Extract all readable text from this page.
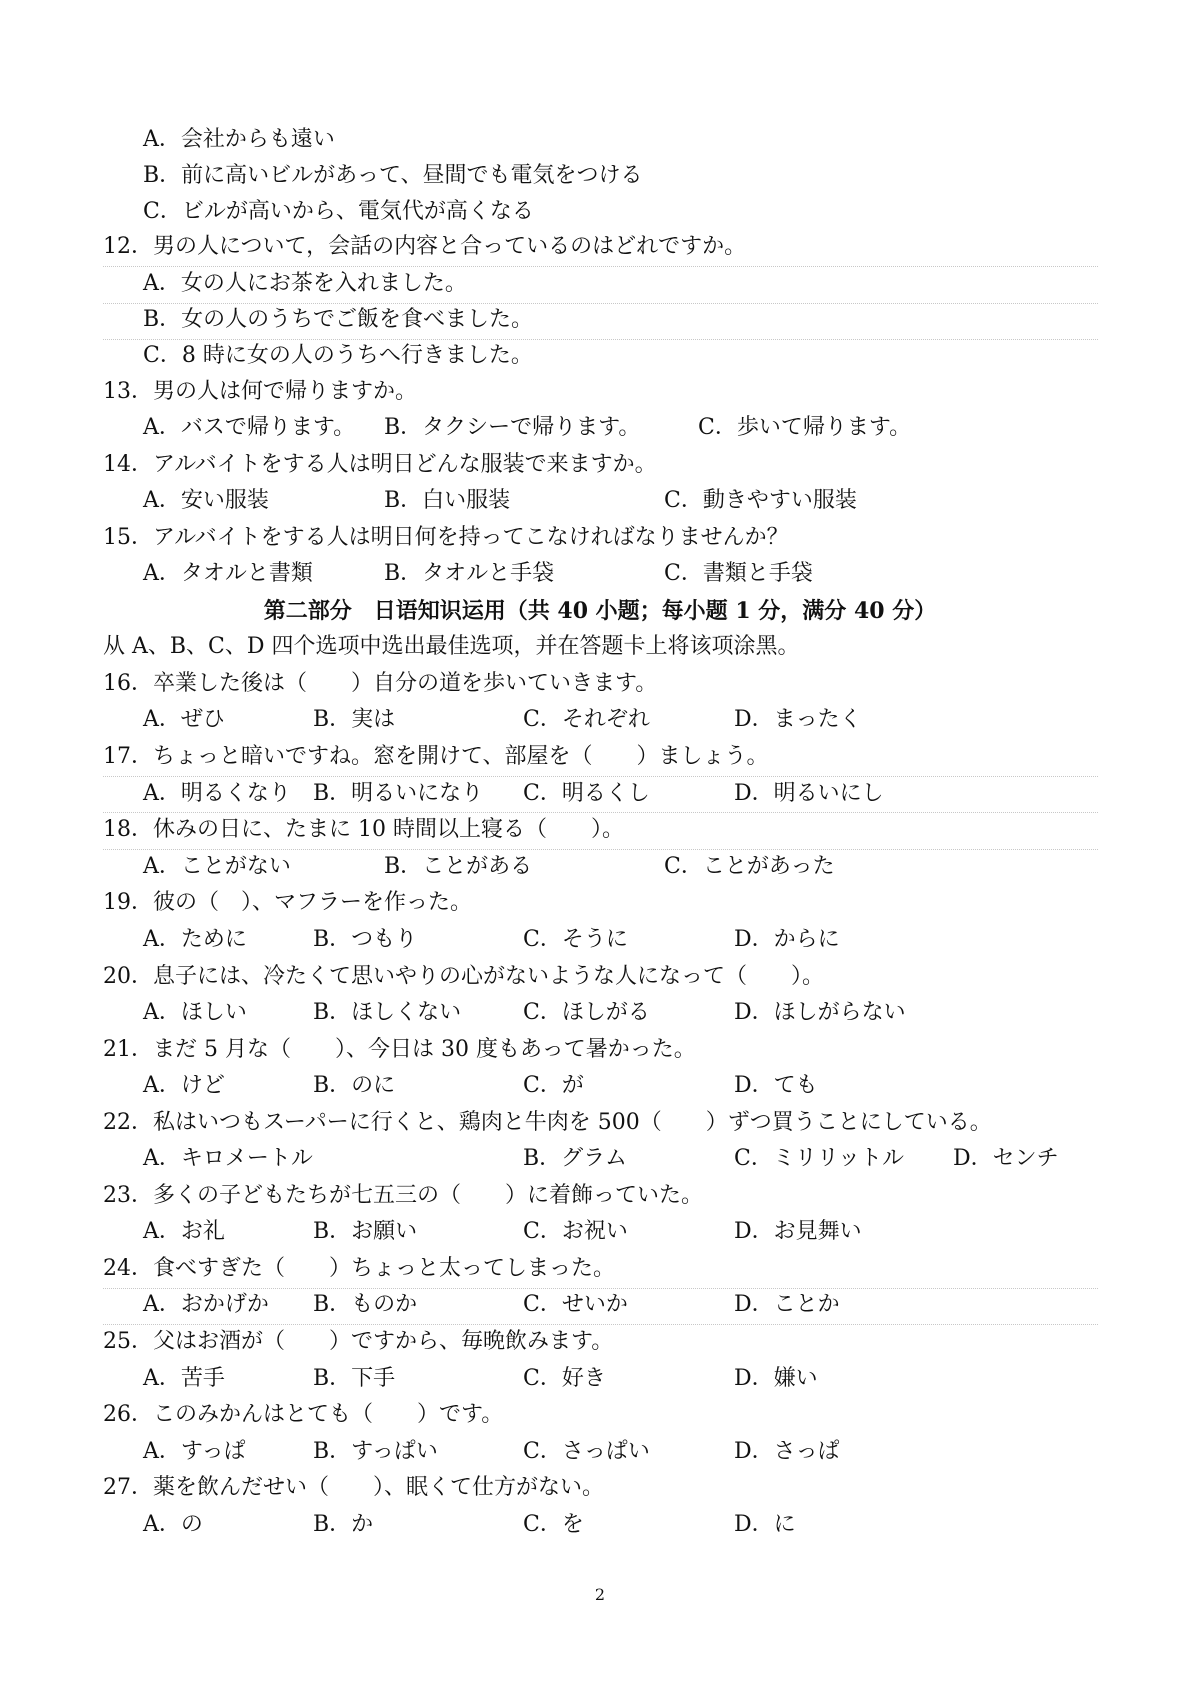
A．会社からも遠い
B．前に高いビルがあって、昼間でも電気をつける
C．ビルが高いから、電気代が高くなる
12．男の人について，会話の内容と合っているのはどれですか。
A．女の人にお茶を入れました。
B．女の人のうちでご飯を食べました。
C．8 時に女の人のうちへ行きました。
13．男の人は何で帰りますか。
A．バスで帰ります。 B．タクシーで帰ります。	C．歩いて帰ります。
14．アルバイトをする人は明日どんな服装で来ますか。
A．安い服装	B．白い服装	C．動きやすい服装
15．アルバイトをする人は明日何を持ってこなければなりませんか？
A．タオルと書類	B．タオルと手袋	C．書類と手袋
第二部分　日语知识运用（共 40 小题；每小题 1 分，满分 40 分）
从 A、B、C、D 四个选项中选出最佳选项，并在答题卡上将该项涂黑。
16．卒業した後は（　　）自分の道を歩いていきます。
A．ぜひ	B．実は	C．それぞれ	D．まったく
17．ちょっと暗いですね。窓を開けて、部屋を（　　）ましょう。
A．明るくなり B．明るいになり C．明るくし	D．明るいにし
18．休みの日に、たまに 10 時間以上寝る（　　）。
A．ことがない	B．ことがある	C．ことがあった
19．彼の（　）、マフラーを作った。
A．ために	B．つもり	C．そうに	D．からに
20．息子には、冷たくて思いやりの心がないような人になって（　　）。
A．ほしい	B．ほしくない	C．ほしがる	D．ほしがらない
21．まだ 5 月な（　　）、今日は 30 度もあって暑かった。
A．けど	B．のに	C．が	D．ても
22．私はいつもスーパーに行くと、鶏肉と牛肉を 500（　　）ずつ買うことにしている。
A．キロメートル	B．グラム	C．ミリリットル D．センチ
23．多くの子どもたちが七五三の（　　）に着飾っていた。
A．お礼	B．お願い	C．お祝い	D．お見舞い
24．食べすぎた（　　）ちょっと太ってしまった。
A．おかげか B．ものか	C．せいか	D．ことか
25．父はお酒が（　　）ですから、毎晩飲みます。
A．苦手	B．下手	C．好き	D．嫌い
26．このみかんはとても（　　）です。
A．すっぱ	B．すっぱい	C．さっぱい	D．さっぱ
27．薬を飲んだせい（　　）、眠くて仕方がない。
A．の	B．か	C．を	D．に
2
